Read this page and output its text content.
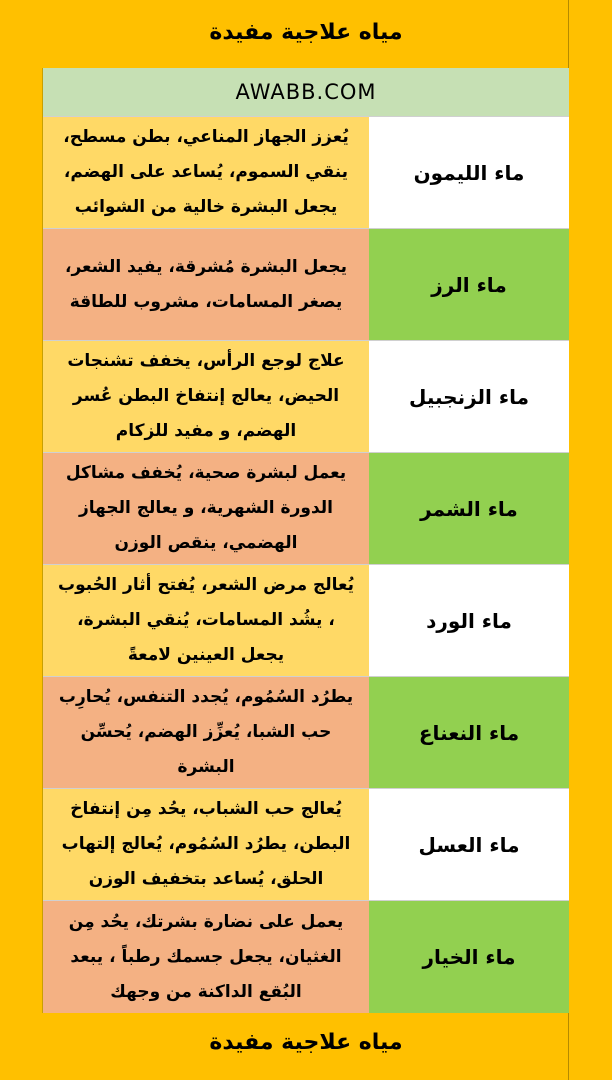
مياه علاجية مفيدة
AWABB.COM
يُعزز الجهاز المناعي، بطن مسطح، ينقي السموم، يُساعد على الهضم، يجعل البشرة خالية من الشوائب
ماء الليمون
يجعل البشرة مُشرقة، يفيد الشعر، يصغر المسامات، مشروب للطاقة
ماء الرز
علاج لوجع الرأس، يخفف تشنجات الحيض، يعالج إنتفاخ البطن عُسر الهضم، و مفيد للزكام
ماء الزنجبيل
يعمل لبشرة صحية، يُخفف مشاكل الدورة الشهرية، و يعالج الجهاز الهضمي، ينقص الوزن
ماء الشمر
يُعالج مرض الشعر، يُفتح أثار الحُبوب ، يشُد المسامات، يُنقي البشرة، يجعل العينين لامعةً
ماء الورد
يطرُد السُمُوم، يُجدد التنفس، يُحارِب حب الشبا، يُعزِّز الهضم، يُحسِّن البشرة
ماء النعناع
يُعالج حب الشباب، يحُد مِن إنتفاخ البطن، يطرُد السُمُوم، يُعالج إلتهاب الحلق، يُساعد بتخفيف الوزن
ماء العسل
يعمل على نضارة بشرتك، يحُد مِن الغثيان، يجعل جسمك رطباً ، يبعد البُقع الداكنة من وجهك
ماء الخيار
مياه علاجية مفيدة
